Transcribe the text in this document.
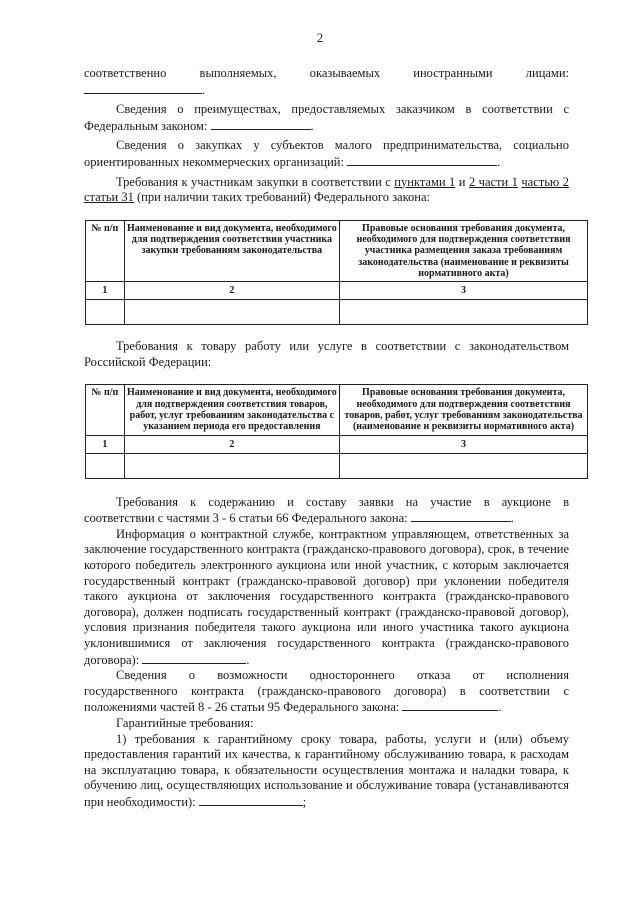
2

соответственно выполняемых, оказываемых иностранными лицами:

.

Сведения о преимуществах, предоставляемых заказчиком в соответствии с

Федеральным законом:	.

Сведения о закупках у субъектов малого предпринимательства, социально

ориентированных некоммерческих организаций:	.

Требования к участникам закупки в соответствии с пунктами 1 и 2 части 1 частью 2 статьи 31 (при наличии таких требований) Федерального закона:

№ п/п	Наименование и вид документа, необходимого для подтверждения соответствия участника закупки требованиям законодательства	Правовые основания требования документа, необходимого для подтверждения соответствия участника размещения заказа требованиям законодательства (наименование и реквизиты нормативного акта)
1	2	3

Требования к товару работу или услуге в соответствии с законодательством

Российской Федерации:

№ п/п	Наименование и вид документа, необходимого для подтверждения соответствия товаров, работ, услуг требованиям законодательства с указанием периода его предоставления	Правовые основания требования документа, необходимого для подтверждения соответствия товаров, работ, услуг требованиям законодательства (наименование и реквизиты нормативного акта)
1	2	3

Требования к содержанию и составу заявки на участие в аукционе в

соответствии с частями 3 - 6 статьи 66 Федерального закона:	.

Информация о контрактной службе, контрактном управляющем, ответственных за заключение государственного контракта (гражданско-правового договора), срок, в течение которого победитель электронного аукциона или иной участник, с которым заключается государственный контракт (гражданско-правовой договор) при уклонении победителя такого аукциона от заключения государственного контракта (гражданско-правового договора), должен подписать государственный контракт (гражданско-правовой договор), условия признания победителя такого аукциона или иного участника такого аукциона уклонившимися от заключения государственного контракта (гражданско-правового договора):	.

Сведения о возможности одностороннего отказа от исполнения

государственного контракта (гражданско-правового договора) в соответствии с

положениями частей 8 - 26 статьи 95 Федерального закона:	.

Гарантийные требования:

1) требования к гарантийному сроку товара, работы, услуги и (или) объему предоставления гарантий их качества, к гарантийному обслуживанию товара, к расходам на эксплуатацию товара, к обязательности осуществления монтажа и наладки товара, к обучению лиц, осуществляющих использование и обслуживание товара (устанавливаются при необходимости):	;
